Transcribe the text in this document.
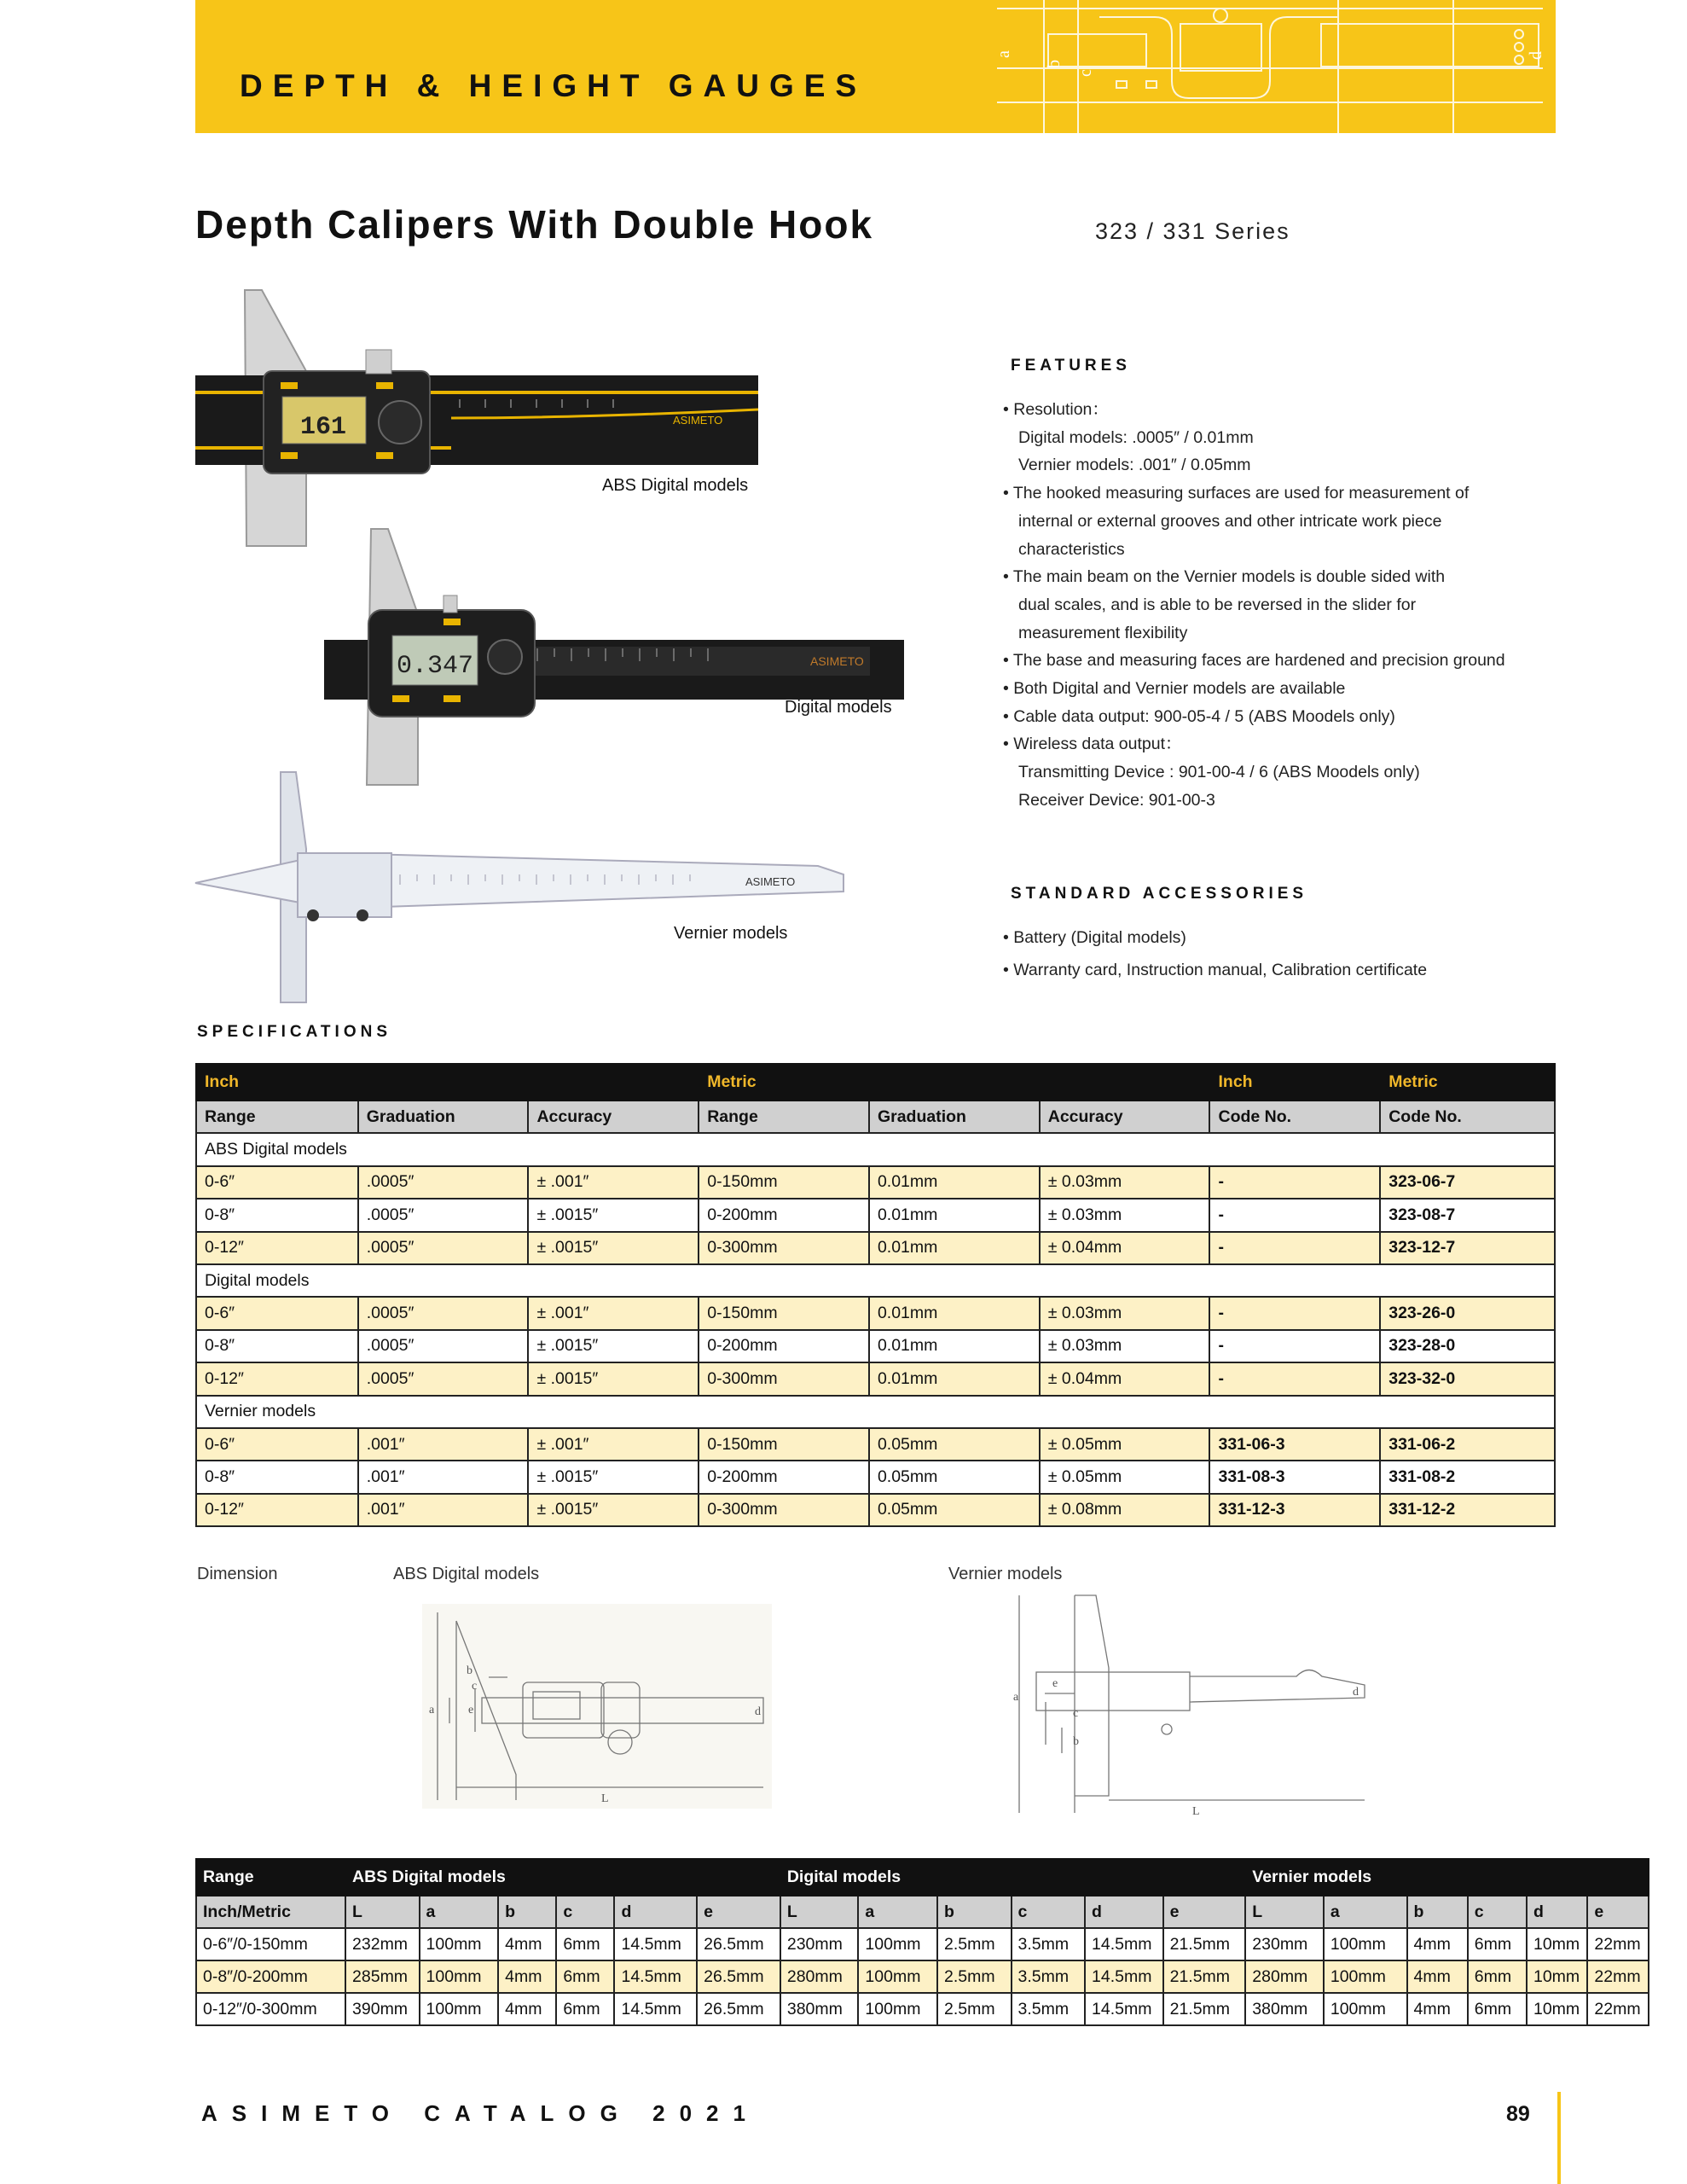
DEPTH & HEIGHT GAUGES
a
b
c
d
Depth Calipers With Double Hook	323 / 331 Series
161	ASIMETO
ABS Digital models
0.347	ASIMETO
Digital models
ASIMETO
Vernier models
FEATURES
• Resolution：
Digital models: .0005″ / 0.01mm
Vernier models: .001″ / 0.05mm
• The hooked measuring surfaces are used for measurement of
internal or external grooves and other intricate work piece
characteristics
• The main beam on the Vernier models is double sided with
dual scales, and is able to be reversed in the slider for
measurement flexibility
• The base and measuring faces are hardened and precision ground
• Both Digital and Vernier models are available
• Cable data output: 900-05-4 / 5 (ABS Moodels only)
• Wireless data output：
Transmitting Device : 901-00-4 / 6 (ABS Moodels only)
Receiver Device: 901-00-3
STANDARD ACCESSORIES
• Battery (Digital models)
• Warranty card, Instruction manual, Calibration certificate
SPECIFICATIONS
Inch			Metric			Inch	Metric
Range	Graduation	Accuracy	Range	Graduation	Accuracy	Code No.	Code No.
ABS Digital models							
0-6″	.0005″	± .001″	0-150mm	0.01mm	± 0.03mm	-	323-06-7
0-8″	.0005″	± .0015″	0-200mm	0.01mm	± 0.03mm	-	323-08-7
0-12″	.0005″	± .0015″	0-300mm	0.01mm	± 0.04mm	-	323-12-7
Digital models							
0-6″	.0005″	± .001″	0-150mm	0.01mm	± 0.03mm	-	323-26-0
0-8″	.0005″	± .0015″	0-200mm	0.01mm	± 0.03mm	-	323-28-0
0-12″	.0005″	± .0015″	0-300mm	0.01mm	± 0.04mm	-	323-32-0
Vernier models							
0-6″	.001″	± .001″	0-150mm	0.05mm	± 0.05mm	331-06-3	331-06-2
0-8″	.001″	± .0015″	0-200mm	0.05mm	± 0.05mm	331-08-3	331-08-2
0-12″	.001″	± .0015″	0-300mm	0.05mm	± 0.08mm	331-12-3	331-12-2
Dimension	ABS Digital models	Vernier models
a	e
b
c
d
L
a
e
c
b
d
L
Range	ABS Digital models						Digital models						Vernier models					
Inch/Metric	L	a	b	c	d	e	L	a	b	c	d	e	L	a	b	c	d	e
0-6″/0-150mm	232mm	100mm	4mm	6mm	14.5mm	26.5mm	230mm	100mm	2.5mm	3.5mm	14.5mm	21.5mm	230mm	100mm	4mm	6mm	10mm	22mm
0-8″/0-200mm	285mm	100mm	4mm	6mm	14.5mm	26.5mm	280mm	100mm	2.5mm	3.5mm	14.5mm	21.5mm	280mm	100mm	4mm	6mm	10mm	22mm
0-12″/0-300mm	390mm	100mm	4mm	6mm	14.5mm	26.5mm	380mm	100mm	2.5mm	3.5mm	14.5mm	21.5mm	380mm	100mm	4mm	6mm	10mm	22mm
ASIMETO CATALOG 2021	89
